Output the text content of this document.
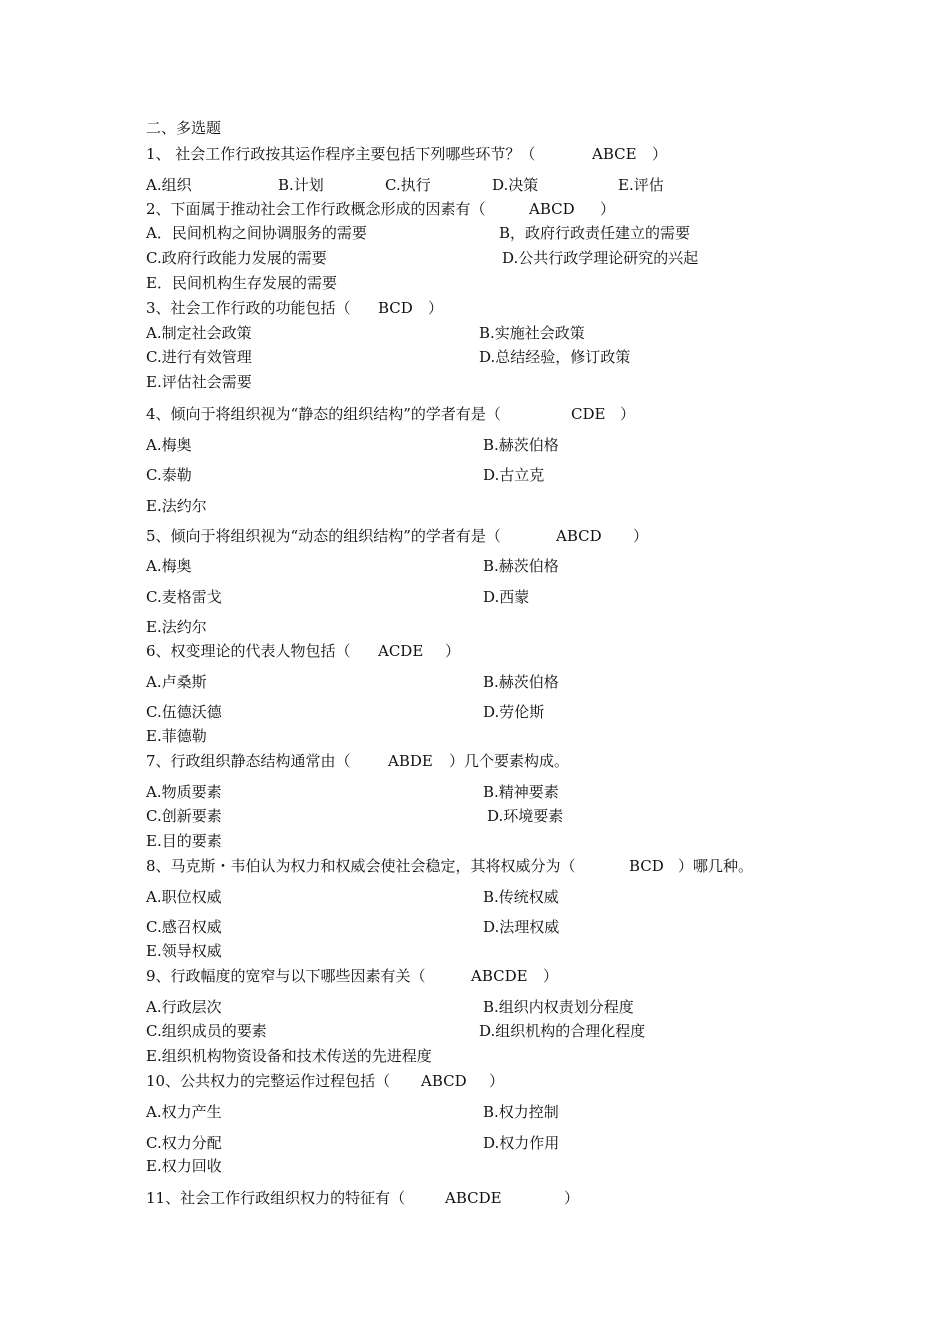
二、多选题
1、 社会工作行政按其运作程序主要包括下列哪些环节？（	ABCE ）
A.组织	B.计划	C.执行	D.决策	E.评估
2、下面属于推动社会工作行政概念形成的因素有（	ABCD ）
A．民间机构之间协调服务的需要	B，政府行政责任建立的需要
C.政府行政能力发展的需要	D.公共行政学理论研究的兴起
E．民间机构生存发展的需要
3、社会工作行政的功能包括（ BCD ）
A.制定社会政策	B.实施社会政策
C.进行有效管理	D.总结经验，修订政策
E.评估社会需要
4、倾向于将组织视为“静态的组织结构”的学者有是（	CDE ）
A.梅奥	B.赫茨伯格
C.泰勒	D.古立克
E.法约尔
5、倾向于将组织视为“动态的组织结构”的学者有是（	ABCD ）
A.梅奥	B.赫茨伯格
C.麦格雷戈	D.西蒙
E.法约尔
6、权变理论的代表人物包括（ ACDE ）
A.卢桑斯	B.赫茨伯格
C.伍德沃德	D.劳伦斯
E.菲德勒
7、行政组织静态结构通常由（ ABDE ）几个要素构成。
A.物质要素	B.精神要素
C.创新要素	D.环境要素
E.目的要素
8、马克斯・韦伯认为权力和权威会使社会稳定，其将权威分为（	BCD ）哪几种。
A.职位权威	B.传统权威
C.感召权威	D.法理权威
E.领导权威
9、行政幅度的宽窄与以下哪些因素有关（	ABCDE ）
A.行政层次	B.组织内权责划分程度
C.组织成员的要素	D.组织机构的合理化程度
E.组织机构物资设备和技术传送的先进程度
10、公共权力的完整运作过程包括（ ABCD ）
A.权力产生	B.权力控制
C.权力分配	D.权力作用
E.权力回收
11、社会工作行政组织权力的特征有（	ABCDE	）
